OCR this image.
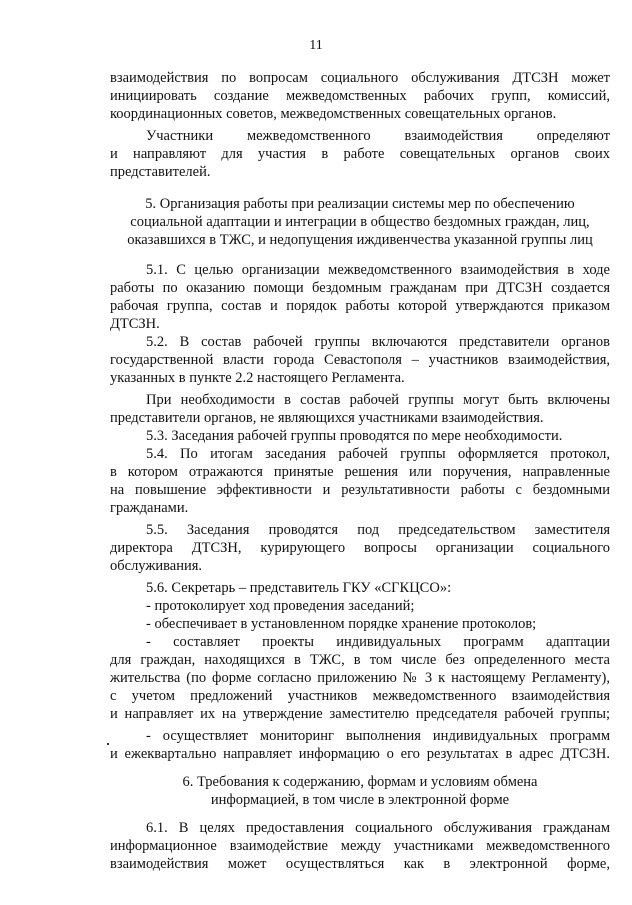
11
взаимодействия по вопросам социального обслуживания ДТСЗН может
инициировать создание межведомственных рабочих групп, комиссий,
координационных советов, межведомственных совещательных органов.
Участники межведомственного взаимодействия определяют
и направляют для участия в работе совещательных органов своих
представителей.
5. Организация работы при реализации системы мер по обеспечению
социальной адаптации и интеграции в общество бездомных граждан, лиц,
оказавшихся в ТЖС, и недопущения иждивенчества указанной группы лиц
5.1. С целью организации межведомственного взаимодействия в ходе
работы по оказанию помощи бездомным гражданам при ДТСЗН создается
рабочая группа, состав и порядок работы которой утверждаются приказом
ДТСЗН.
5.2. В состав рабочей группы включаются представители органов
государственной власти города Севастополя – участников взаимодействия,
указанных в пункте 2.2 настоящего Регламента.
При необходимости в состав рабочей группы могут быть включены
представители органов, не являющихся участниками взаимодействия.
5.3. Заседания рабочей группы проводятся по мере необходимости.
5.4. По итогам заседания рабочей группы оформляется протокол,
в котором отражаются принятые решения или поручения, направленные
на повышение эффективности и результативности работы с бездомными
гражданами.
5.5. Заседания проводятся под председательством заместителя
директора ДТСЗН, курирующего вопросы организации социального
обслуживания.
5.6. Секретарь – представитель ГКУ «СГКЦСО»:
- протоколирует ход проведения заседаний;
- обеспечивает в установленном порядке хранение протоколов;
- составляет проекты индивидуальных программ адаптации
для граждан, находящихся в ТЖС, в том числе без определенного места
жительства (по форме согласно приложению № 3 к настоящему Регламенту),
с учетом предложений участников межведомственного взаимодействия
и направляет их на утверждение заместителю председателя рабочей группы;
- осуществляет мониторинг выполнения индивидуальных программ
и ежеквартально направляет информацию о его результатах в адрес ДТСЗН.
6. Требования к содержанию, формам и условиям обмена
информацией, в том числе в электронной форме
6.1. В целях предоставления социального обслуживания гражданам
информационное взаимодействие между участниками межведомственного
взаимодействия может осуществляться как в электронной форме,
